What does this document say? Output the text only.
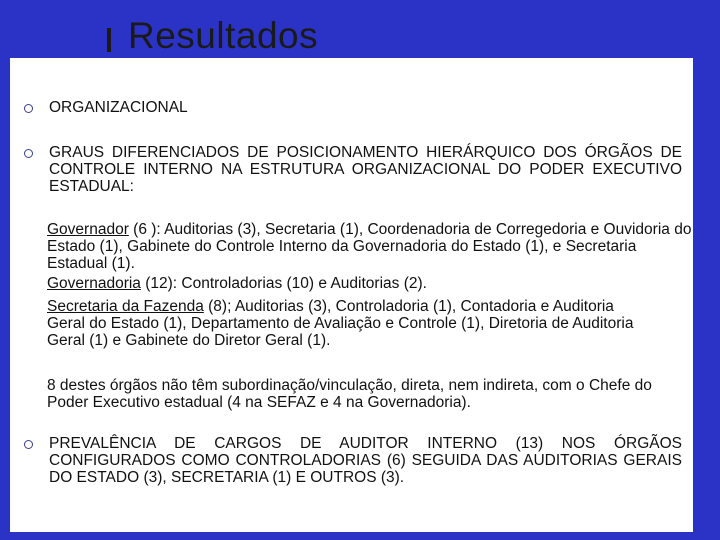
Resultados
ORGANIZACIONAL
GRAUS DIFERENCIADOS DE POSICIONAMENTO HIERÁRQUICO DOS ÓRGÃOS DE CONTROLE INTERNO NA ESTRUTURA ORGANIZACIONAL DO PODER EXECUTIVO ESTADUAL:
Governador (6 ): Auditorias (3), Secretaria (1), Coordenadoria de Corregedoria e Ouvidoria do Estado (1), Gabinete do Controle Interno da Governadoria do Estado (1), e Secretaria Estadual (1).
Governadoria (12): Controladorias (10) e Auditorias (2).
Secretaria da Fazenda (8); Auditorias (3), Controladoria (1), Contadoria e Auditoria Geral do Estado (1), Departamento de Avaliação e Controle (1), Diretoria de Auditoria Geral (1) e Gabinete do Diretor Geral (1).
8 destes órgãos não têm subordinação/vinculação, direta, nem indireta, com o Chefe do Poder Executivo estadual (4 na SEFAZ e 4 na Governadoria).
PREVALÊNCIA DE CARGOS DE AUDITOR INTERNO (13) NOS ÓRGÃOS CONFIGURADOS COMO CONTROLADORIAS (6) SEGUIDA DAS AUDITORIAS GERAIS DO ESTADO (3), SECRETARIA (1) E OUTROS (3).
